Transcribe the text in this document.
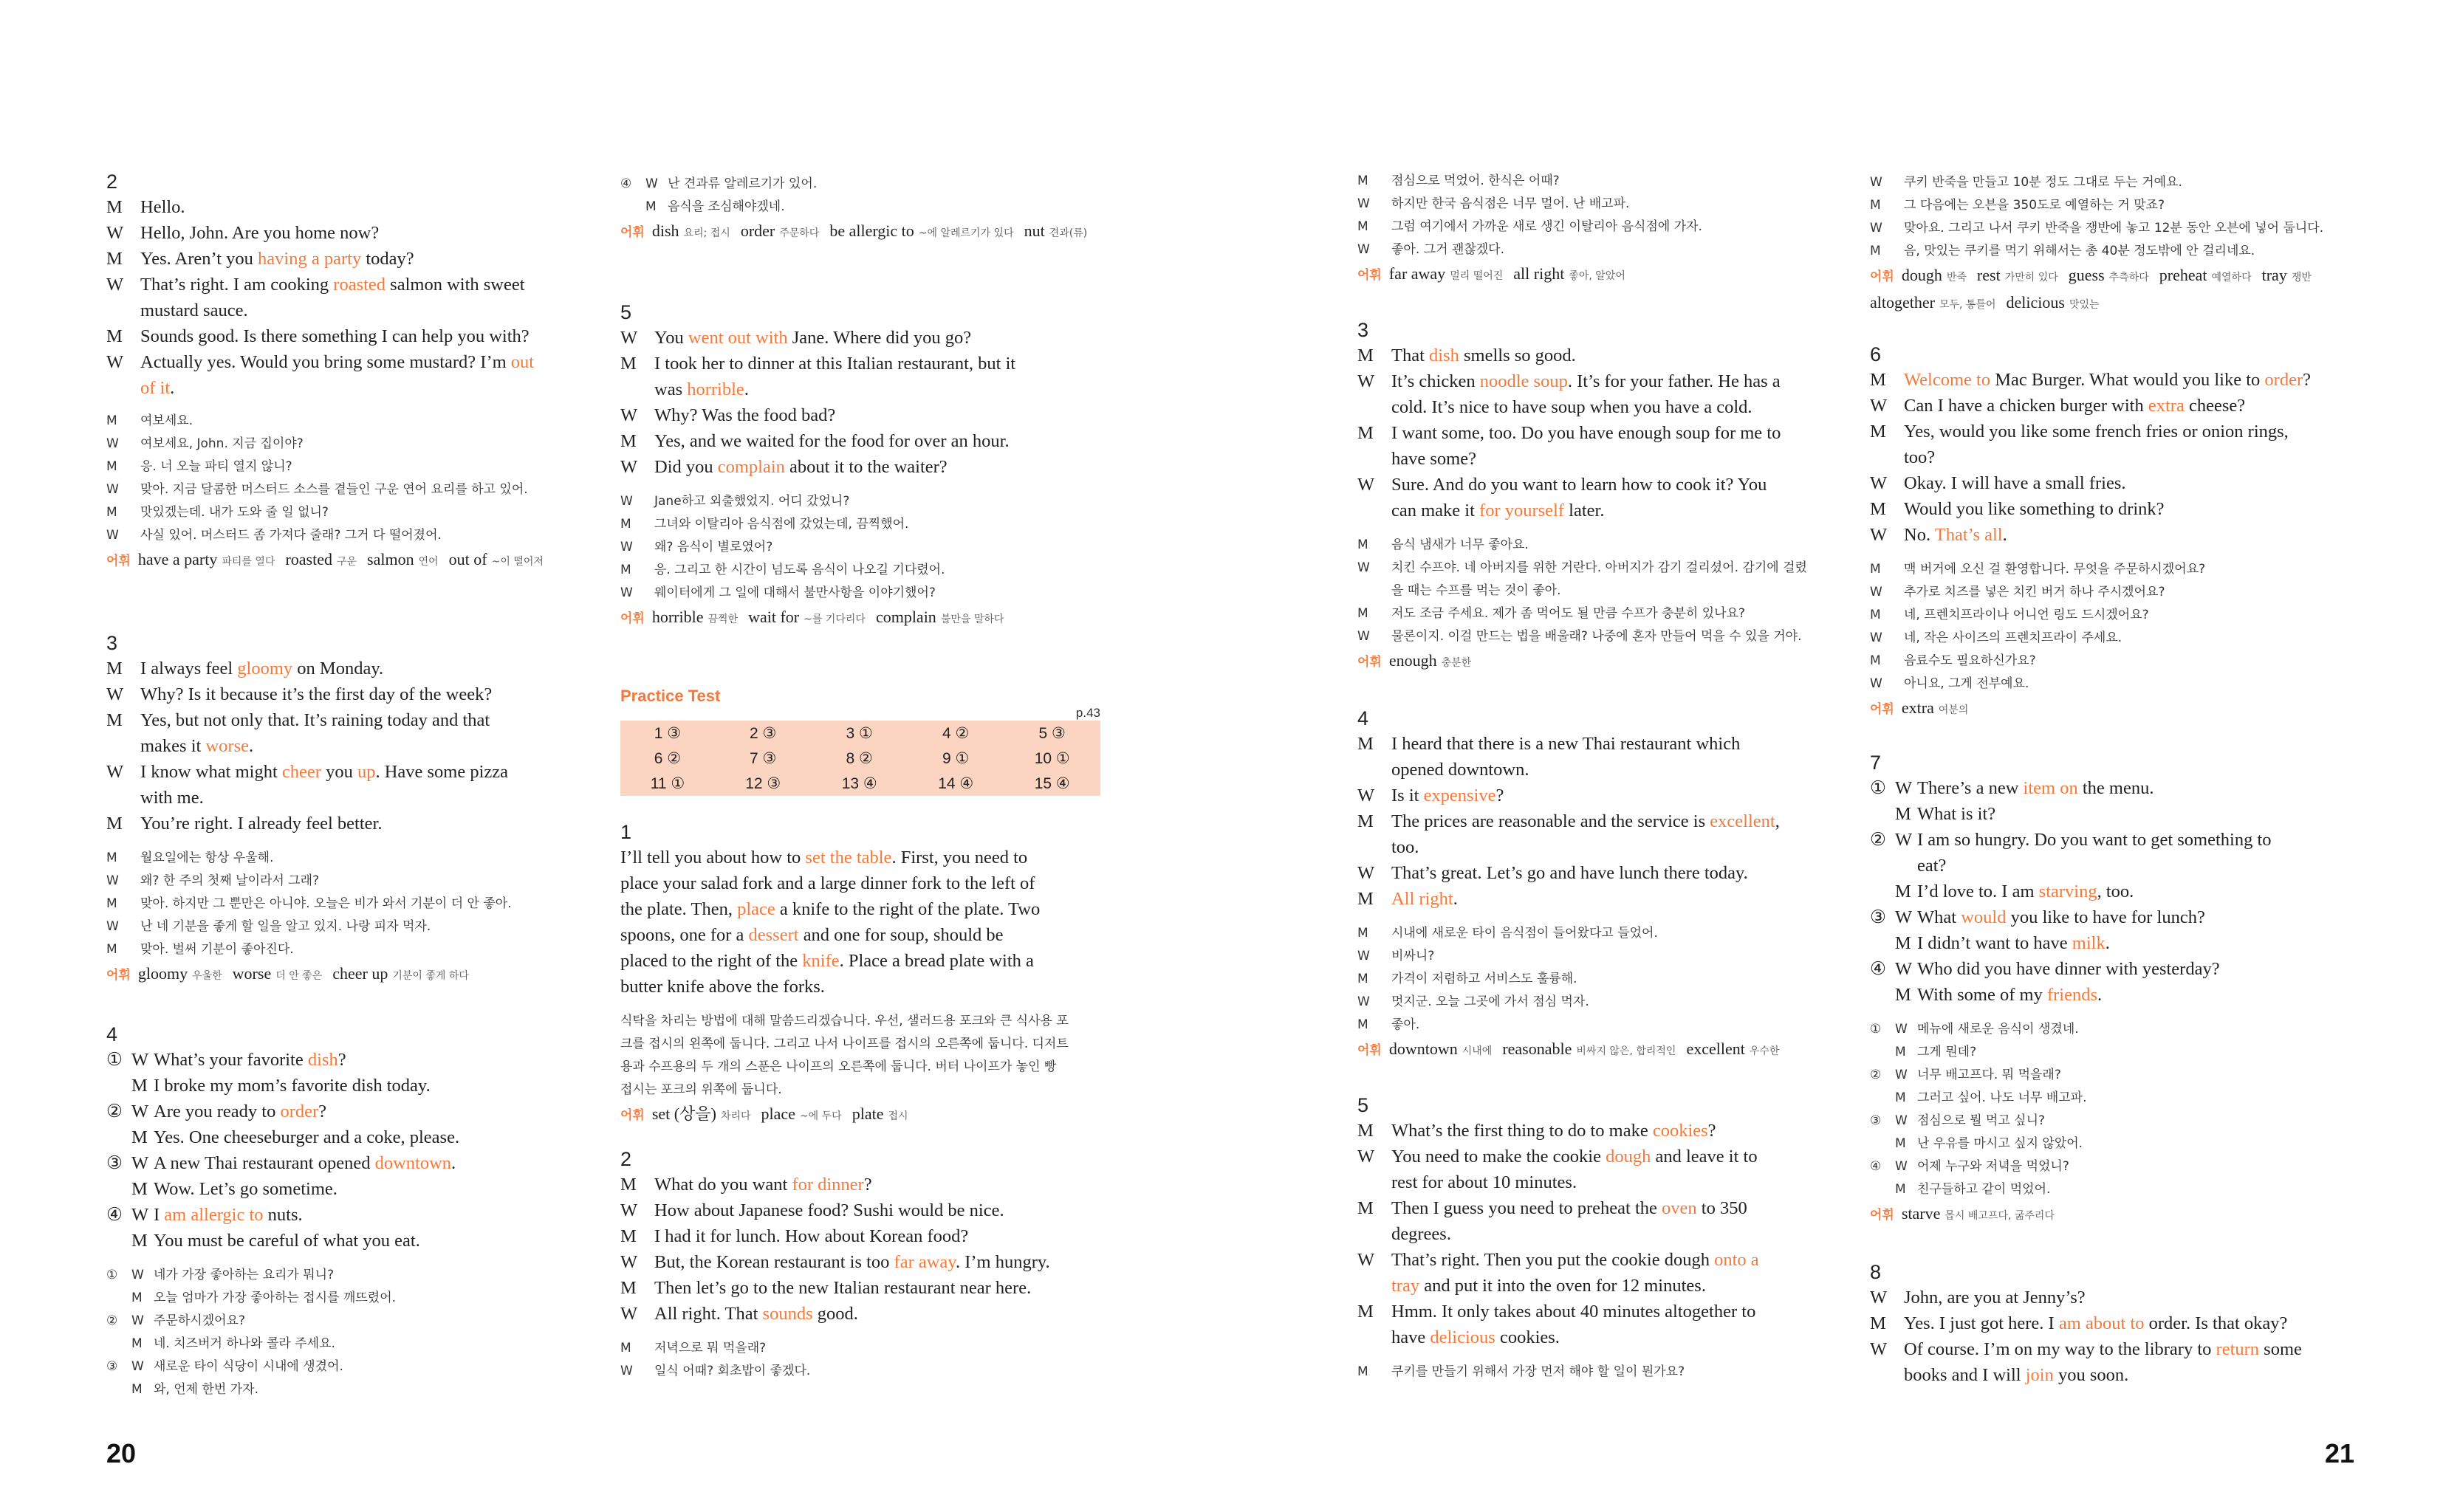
2
M Hello.
W Hello, John. Are you home now?
M Yes. Aren’t you having a party today?
W That’s right. I am cooking roasted salmon with sweet
mustard sauce.
M Sounds good. Is there something I can help you with?
W Actually yes. Would you bring some mustard? I’m out
of it.
M	여보세요.
W	여보세요, John. 지금 집이야?
M	응. 너 오늘 파티 열지 않니?
W	맞아. 지금 달콤한 머스터드 소스를 곁들인 구운 연어 요리를 하고 있어.
M	맛있겠는데. 내가 도와 줄 일 없니?
W	사실 있어. 머스터드 좀 가져다 줄래? 그거 다 떨어졌어.
어휘 have a party 파티를 열다 roasted 구운 salmon 연어 out of ~이 떨어져
3
M I always feel gloomy on Monday.
W Why? Is it because it’s the first day of the week?
M Yes, but not only that. It’s raining today and that
makes it worse.
W I know what might cheer you up. Have some pizza
with me.
M You’re right. I already feel better.
M	월요일에는 항상 우울해.
W	왜? 한 주의 첫째 날이라서 그래?
M	맞아. 하지만 그 뿐만은 아니야. 오늘은 비가 와서 기분이 더 안 좋아.
W	난 네 기분을 좋게 할 일을 알고 있지. 나랑 피자 먹자.
M	맞아. 벌써 기분이 좋아진다.
어휘 gloomy 우울한 worse 더 안 좋은 cheer up 기분이 좋게 하다
4
① W What’s your favorite dish?
M I broke my mom’s favorite dish today.
② W Are you ready to order?
M Yes. One cheeseburger and a coke, please.
③ W A new Thai restaurant opened downtown.
M Wow. Let’s go sometime.
④ W I am allergic to nuts.
M You must be careful of what you eat.
①	W 네가 가장 좋아하는 요리가 뭐니?
M 오늘 엄마가 가장 좋아하는 접시를 깨뜨렸어.
②	W 주문하시겠어요?
M 네. 치즈버거 하나와 콜라 주세요.
③	W 새로운 타이 식당이 시내에 생겼어.
M 와, 언제 한번 가자.
20
④	W 난 견과류 알레르기가 있어.
M 음식을 조심해야겠네.
어휘 dish 요리; 접시 order 주문하다 be allergic to ~에 알레르기가 있다 nut 견과(류)
5
W You went out with Jane. Where did you go?
M I took her to dinner at this Italian restaurant, but it
was horrible.
W Why? Was the food bad?
M Yes, and we waited for the food for over an hour.
W Did you complain about it to the waiter?
W	Jane하고 외출했었지. 어디 갔었니?
M	그녀와 이탈리아 음식점에 갔었는데, 끔찍했어.
W	왜? 음식이 별로였어?
M	응. 그리고 한 시간이 넘도록 음식이 나오길 기다렸어.
W	웨이터에게 그 일에 대해서 불만사항을 이야기했어?
어휘 horrible 끔찍한 wait for ~를 기다리다 complain 불만을 말하다
Practice Test
p.43
1 ③	2 ③	3 ①	4 ②	5 ③
6 ②	7 ③	8 ②	9 ①	10 ①
11 ①	12 ③	13 ④	14 ④	15 ④
1
I’ll tell you about how to set the table. First, you need to
place your salad fork and a large dinner fork to the left of
the plate. Then, place a knife to the right of the plate. Two
spoons, one for a dessert and one for soup, should be
placed to the right of the knife. Place a bread plate with a
butter knife above the forks.
식탁을 차리는 방법에 대해 말씀드리겠습니다. 우선, 샐러드용 포크와 큰 식사용 포
크를 접시의 왼쪽에 둡니다. 그리고 나서 나이프를 접시의 오른쪽에 둡니다. 디저트
용과 수프용의 두 개의 스푼은 나이프의 오른쪽에 둡니다. 버터 나이프가 놓인 빵
접시는 포크의 위쪽에 둡니다.
어휘 set (상을) 차리다 place ~에 두다 plate 접시
2
M What do you want for dinner?
W How about Japanese food? Sushi would be nice.
M I had it for lunch. How about Korean food?
W But, the Korean restaurant is too far away. I’m hungry.
M Then let’s go to the new Italian restaurant near here.
W All right. That sounds good.
M	저녁으로 뭐 먹을래?
W	일식 어때? 회초밥이 좋겠다.
M	점심으로 먹었어. 한식은 어때?
W	하지만 한국 음식점은 너무 멀어. 난 배고파.
M	그럼 여기에서 가까운 새로 생긴 이탈리아 음식점에 가자.
W	좋아. 그거 괜찮겠다.
어휘 far away 멀리 떨어진 all right 좋아, 알았어
3
M That dish smells so good.
W It’s chicken noodle soup. It’s for your father. He has a
cold. It’s nice to have soup when you have a cold.
M I want some, too. Do you have enough soup for me to
have some?
W Sure. And do you want to learn how to cook it? You
can make it for yourself later.
M	음식 냄새가 너무 좋아요.
W	치킨 수프야. 네 아버지를 위한 거란다. 아버지가 감기 걸리셨어. 감기에 걸렸
을 때는 수프를 먹는 것이 좋아.
M	저도 조금 주세요. 제가 좀 먹어도 될 만큼 수프가 충분히 있나요?
W	물론이지. 이걸 만드는 법을 배울래? 나중에 혼자 만들어 먹을 수 있을 거야.
어휘 enough 충분한
4
M I heard that there is a new Thai restaurant which
opened downtown.
W Is it expensive?
M The prices are reasonable and the service is excellent,
too.
W That’s great. Let’s go and have lunch there today.
M All right.
M	시내에 새로운 타이 음식점이 들어왔다고 들었어.
W	비싸니?
M	가격이 저렴하고 서비스도 훌륭해.
W	멋지군. 오늘 그곳에 가서 점심 먹자.
M	좋아.
어휘 downtown 시내에 reasonable 비싸지 않은, 합리적인 excellent 우수한
5
M What’s the first thing to do to make cookies?
W You need to make the cookie dough and leave it to
rest for about 10 minutes.
M Then I guess you need to preheat the oven to 350
degrees.
W That’s right. Then you put the cookie dough onto a
tray and put it into the oven for 12 minutes.
M Hmm. It only takes about 40 minutes altogether to
have delicious cookies.
M	쿠키를 만들기 위해서 가장 먼저 해야 할 일이 뭔가요?
W	쿠키 반죽을 만들고 10분 정도 그대로 두는 거예요.
M	그 다음에는 오븐을 350도로 예열하는 거 맞죠?
W	맞아요. 그리고 나서 쿠키 반죽을 쟁반에 놓고 12분 동안 오븐에 넣어 둡니다.
M	음, 맛있는 쿠키를 먹기 위해서는 총 40분 정도밖에 안 걸리네요.
어휘 dough 반죽 rest 가만히 있다 guess 추측하다 preheat 예열하다 tray 쟁반altogether 모두, 통틀어 delicious 맛있는
6
M Welcome to Mac Burger. What would you like to order?
W Can I have a chicken burger with extra cheese?
M Yes, would you like some french fries or onion rings,
too?
W Okay. I will have a small fries.
M Would you like something to drink?
W No. That’s all.
M	맥 버거에 오신 걸 환영합니다. 무엇을 주문하시겠어요?
W	추가로 치즈를 넣은 치킨 버거 하나 주시겠어요?
M	네, 프렌치프라이나 어니언 링도 드시겠어요?
W	네, 작은 사이즈의 프렌치프라이 주세요.
M	음료수도 필요하신가요?
W	아니요, 그게 전부예요.
어휘 extra 여분의
7
① W There’s a new item on the menu.
M What is it?
② W I am so hungry. Do you want to get something to
eat?
M I’d love to. I am starving, too.
③ W What would you like to have for lunch?
M I didn’t want to have milk.
④ W Who did you have dinner with yesterday?
M With some of my friends.
①	W 메뉴에 새로운 음식이 생겼네.
M 그게 뭔데?
②	W 너무 배고프다. 뭐 먹을래?
M 그러고 싶어. 나도 너무 배고파.
③	W 점심으로 뭘 먹고 싶니?
M 난 우유를 마시고 싶지 않았어.
④	W 어제 누구와 저녁을 먹었니?
M 친구들하고 같이 먹었어.
어휘 starve 몹시 배고프다, 굶주리다
8
W John, are you at Jenny’s?
M Yes. I just got here. I am about to order. Is that okay?
W Of course. I’m on my way to the library to return some
books and I will join you soon.
21
